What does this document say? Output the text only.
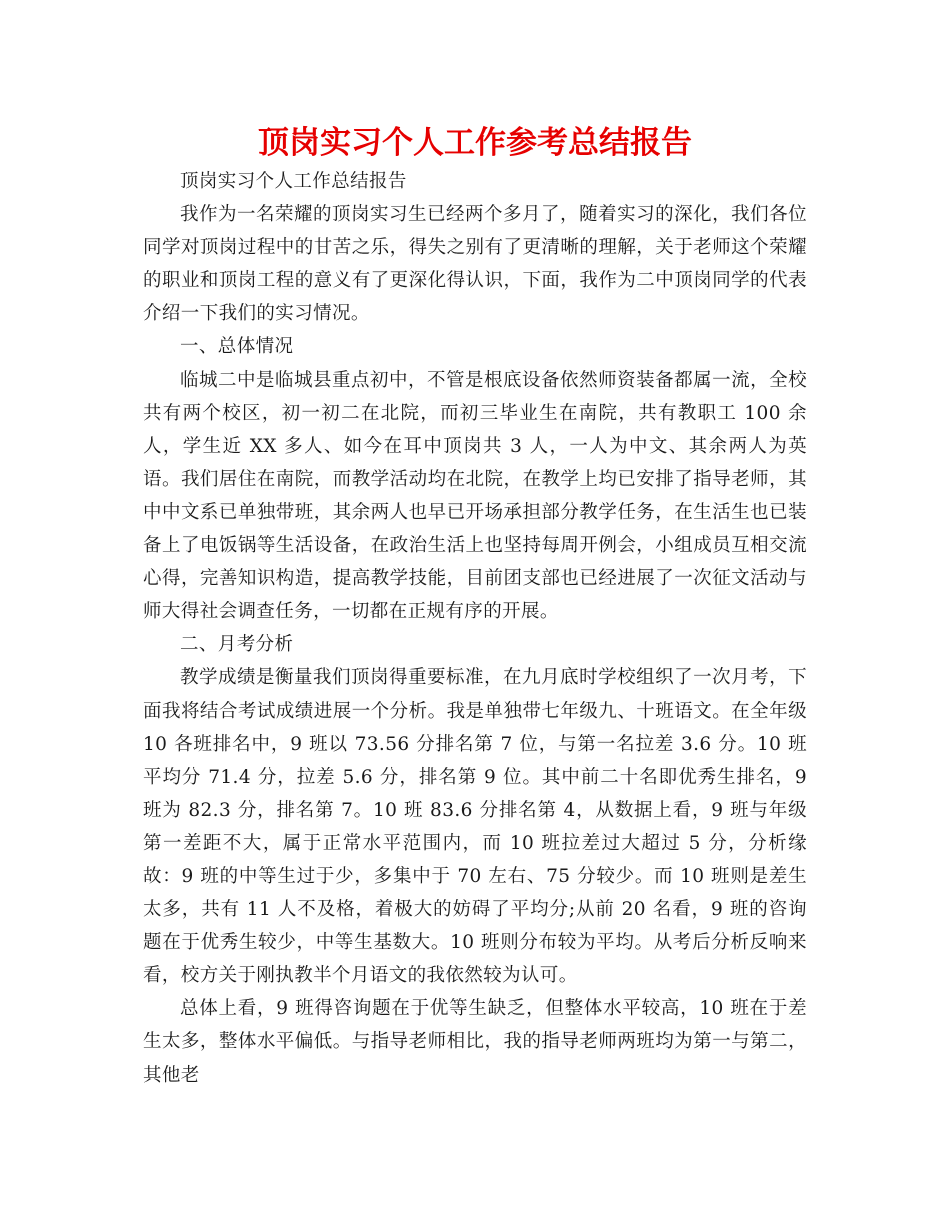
顶岗实习个人工作参考总结报告

顶岗实习个人工作总结报告

我作为一名荣耀的顶岗实习生已经两个多月了，随着实习的深化，我们各位同学对顶岗过程中的甘苦之乐，得失之别有了更清晰的理解，关于老师这个荣耀的职业和顶岗工程的意义有了更深化得认识，下面，我作为二中顶岗同学的代表介绍一下我们的实习情况。

一、总体情况

临城二中是临城县重点初中，不管是根底设备依然师资装备都属一流，全校共有两个校区，初一初二在北院，而初三毕业生在南院，共有教职工 100 余人，学生近 XX 多人、如今在耳中顶岗共 3 人，一人为中文、其余两人为英语。我们居住在南院，而教学活动均在北院，在教学上均已安排了指导老师，其中中文系已单独带班，其余两人也早已开场承担部分教学任务，在生活生也已装备上了电饭锅等生活设备，在政治生活上也坚持每周开例会，小组成员互相交流心得，完善知识构造，提高教学技能，目前团支部也已经进展了一次征文活动与师大得社会调查任务，一切都在正规有序的开展。

二、月考分析

教学成绩是衡量我们顶岗得重要标准，在九月底时学校组织了一次月考，下面我将结合考试成绩进展一个分析。我是单独带七年级九、十班语文。在全年级 10 各班排名中，9 班以 73.56 分排名第 7 位，与第一名拉差 3.6 分。10 班平均分 71.4 分，拉差 5.6 分，排名第 9 位。其中前二十名即优秀生排名，9 班为 82.3 分，排名第 7。10 班 83.6 分排名第 4，从数据上看，9 班与年级第一差距不大，属于正常水平范围内，而 10 班拉差过大超过 5 分，分析缘故：9 班的中等生过于少，多集中于 70 左右、75 分较少。而 10 班则是差生太多，共有 11 人不及格，着极大的妨碍了平均分;从前 20 名看，9 班的咨询题在于优秀生较少，中等生基数大。10 班则分布较为平均。从考后分析反响来看，校方关于刚执教半个月语文的我依然较为认可。

总体上看，9 班得咨询题在于优等生缺乏，但整体水平较高，10 班在于差生太多，整体水平偏低。与指导老师相比，我的指导老师两班均为第一与第二，其他老
